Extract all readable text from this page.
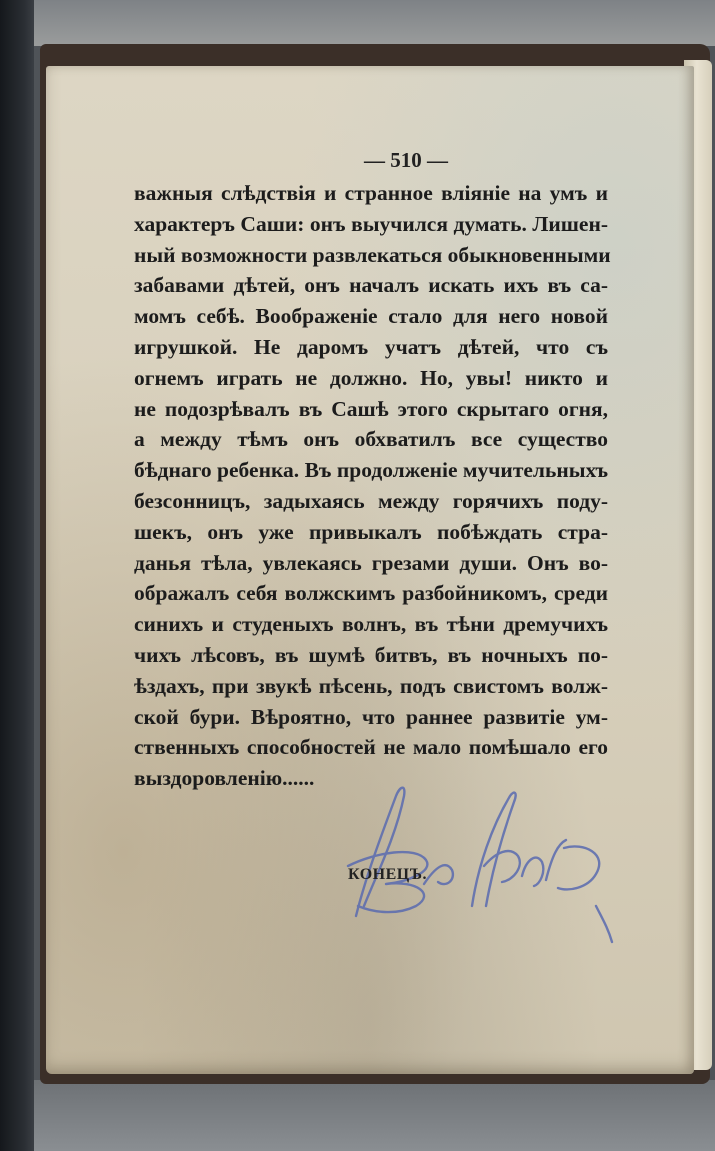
— 510 —
важныя слѣдствія и странное вліяніе на умъ и
характеръ Саши: онъ выучился думать. Лишен-
ный возможности развлекаться обыкновенными
забавами дѣтей, онъ началъ искать ихъ въ са-
момъ себѣ. Воображеніе стало для него новой
игрушкой. Не даромъ учатъ дѣтей, что съ
огнемъ играть не должно. Но, увы! никто и
не подозрѣвалъ въ Сашѣ этого скрытаго огня,
а между тѣмъ онъ обхватилъ все существо
бѣднаго ребенка. Въ продолженіе мучительныхъ
безсонницъ, задыхаясь между горячихъ поду-
шекъ, онъ уже привыкалъ побѣждать стра-
данья тѣла, увлекаясь грезами души. Онъ во-
ображалъ себя волжскимъ разбойникомъ, среди
синихъ и студеныхъ волнъ, въ тѣни дремучихъ
чихъ лѣсовъ, въ шумѣ битвъ, въ ночныхъ по-
ѣздахъ, при звукѣ пѣсень, подъ свистомъ волж-
ской бури. Вѣроятно, что раннее развитіе ум-
ственныхъ способностей не мало помѣшало его
выздоровленію......
КОНЕЦЪ.
